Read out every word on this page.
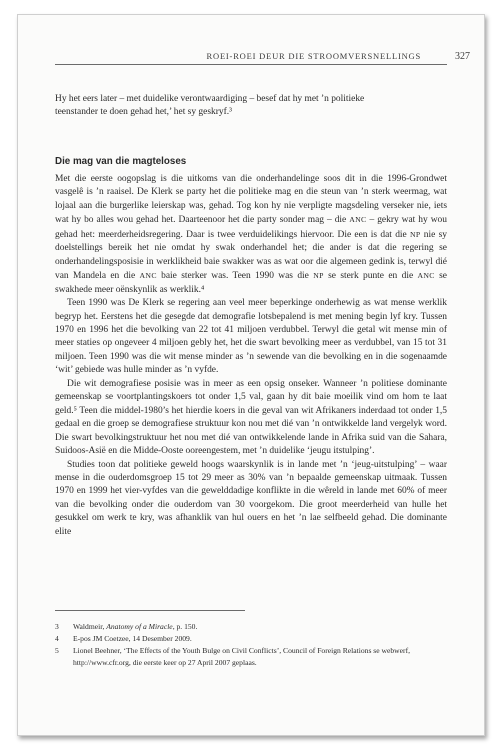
ROEI-ROEI DEUR DIE STROOMVERSNELLINGS	327

Hy het eers later – met duidelike verontwaardiging – besef dat hy met ’n politieke

teenstander te doen gehad het,’ het sy geskryf.³

Die mag van die magteloses

Met die eerste oogopslag is die uitkoms van die onderhandelinge soos dit in die 1996-Grondwet vasgelê is ’n raaisel. De Klerk se party het die politieke mag en die steun van ’n sterk weermag, wat lojaal aan die burgerlike leierskap was, gehad. Tog kon hy nie verpligte magsdeling verseker nie, iets wat hy bo alles wou gehad het. Daarteenoor het die party sonder mag – die ANC – gekry wat hy wou gehad het: meerderheidsregering. Daar is twee verduidelikings hiervoor. Die een is dat die NP nie sy doelstellings bereik het nie omdat hy swak onderhandel het; die ander is dat die regering se onderhandelingsposisie in werklikheid baie swakker was as wat oor die algemeen gedink is, terwyl dié van Mandela en die ANC baie sterker was. Teen 1990 was die NP se sterk punte en die ANC se swakhede meer oënskynlik as werklik.⁴

Teen 1990 was De Klerk se regering aan veel meer beperkinge onderhewig as wat mense werklik begryp het. Eerstens het die gesegde dat demografie lotsbepalend is met mening begin lyf kry. Tussen 1970 en 1996 het die bevolking van 22 tot 41 miljoen verdubbel. Terwyl die getal wit mense min of meer staties op ongeveer 4 miljoen gebly het, het die swart bevolking meer as verdubbel, van 15 tot 31 miljoen. Teen 1990 was die wit mense minder as ’n sewende van die bevolking en in die sogenaamde ‘wit’ gebiede was hulle minder as ’n vyfde.

Die wit demografiese posisie was in meer as een opsig onseker. Wanneer ’n politiese dominante gemeenskap se voortplantingskoers tot onder 1,5 val, gaan hy dit baie moeilik vind om hom te laat geld.⁵ Teen die middel-1980’s het hierdie koers in die geval van wit Afrikaners inderdaad tot onder 1,5 gedaal en die groep se demografiese struktuur kon nou met dié van ’n ontwikkelde land vergelyk word. Die swart bevolkingstruktuur het nou met dié van ontwikkelende lande in Afrika suid van die Sahara, Suidoos-Asië en die Midde-Ooste ooreengestem, met ’n duidelike ‘jeugu itstulping’.

Studies toon dat politieke geweld hoogs waarskynlik is in lande met ’n ‘jeug-uitstulping’ – waar mense in die ouderdomsgroep 15 tot 29 meer as 30% van ’n bepaalde gemeenskap uitmaak. Tussen 1970 en 1999 het vier-vyfdes van die gewelddadige konflikte in die wêreld in lande met 60% of meer van die bevolking onder die ouderdom van 30 voorgekom. Die groot meerderheid van hulle het gesukkel om werk te kry, was afhanklik van hul ouers en het ’n lae selfbeeld gehad. Die dominante elite

3	Waldmeir, Anatomy of a Miracle, p. 150.
4	E-pos JM Coetzee, 14 Desember 2009.
5	Lionel Beehner, ‘The Effects of the Youth Bulge on Civil Conflicts’, Council of Foreign Relations se webwerf, http://www.cfr.org, die eerste keer op 27 April 2007 geplaas.
